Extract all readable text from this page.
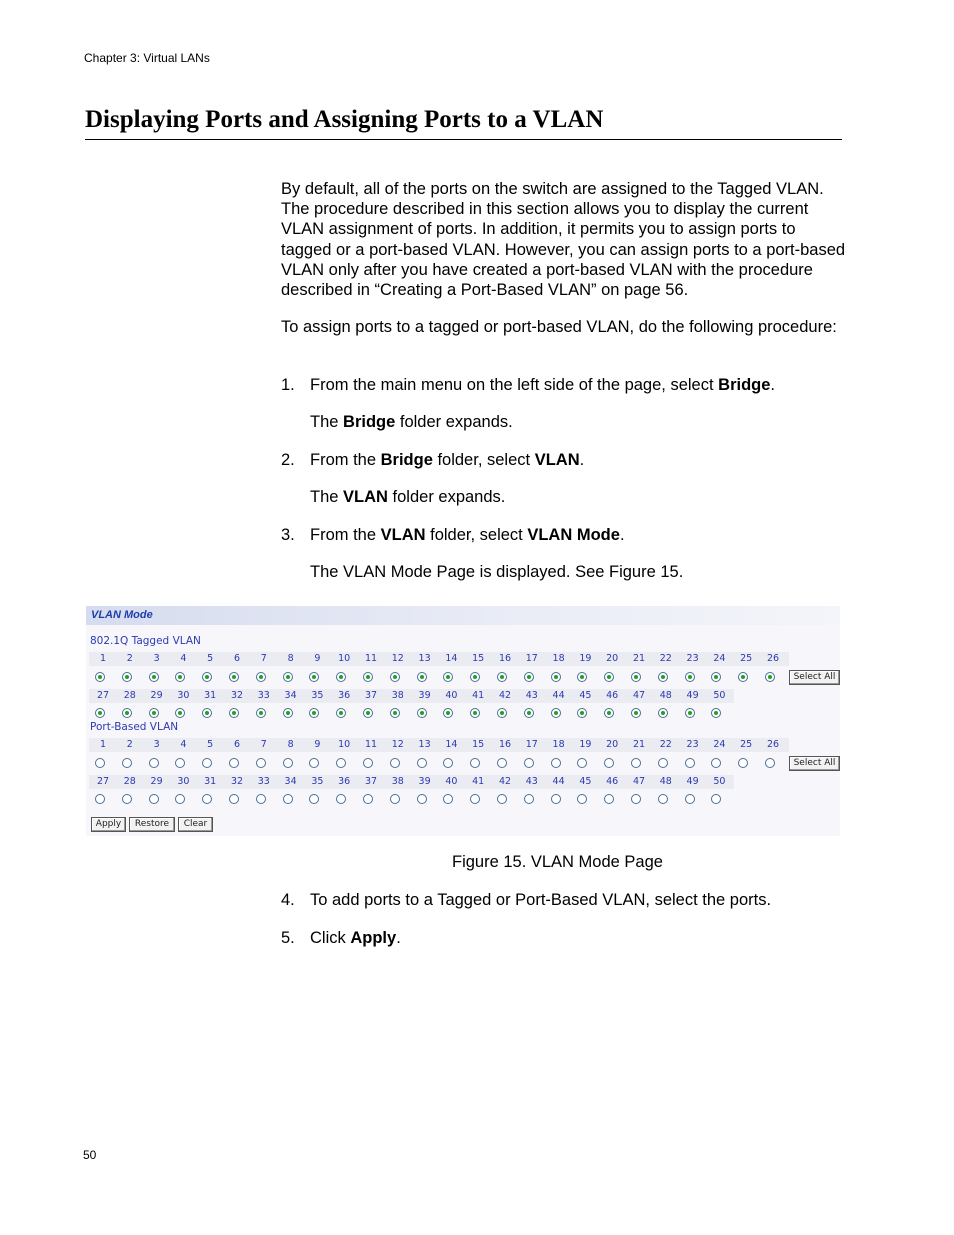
Chapter 3: Virtual LANs
Displaying Ports and Assigning Ports to a VLAN

By default, all of the ports on the switch are assigned to the Tagged VLAN. The procedure described in this section allows you to display the current VLAN assignment of ports. In addition, it permits you to assign ports to tagged or a port-based VLAN. However, you can assign ports to a port-based VLAN only after you have created a port-based VLAN with the procedure described in “Creating a Port-Based VLAN” on page 56.

To assign ports to a tagged or port-based VLAN, do the following procedure:

1. From the main menu on the left side of the page, select Bridge.
The Bridge folder expands.
2. From the Bridge folder, select VLAN.
The VLAN folder expands.
3. From the VLAN folder, select VLAN Mode.
The VLAN Mode Page is displayed. See Figure 15.
VLAN Mode
802.1Q Tagged VLAN
1	2	3	4	5	6	7	8	9	10	11	12	13	14	15	16	17	18	19	20	21	22	23	24	25	26
Select All
27	28	29	30	31	32	33	34	35	36	37	38	39	40	41	42	43	44	45	46	47	48	49	50
Port-Based VLAN
1	2	3	4	5	6	7	8	9	10	11	12	13	14	15	16	17	18	19	20	21	22	23	24	25	26
Select All
27	28	29	30	31	32	33	34	35	36	37	38	39	40	41	42	43	44	45	46	47	48	49	50
Apply	Restore	Clear
Figure 15. VLAN Mode Page
4. To add ports to a Tagged or Port-Based VLAN, select the ports.
5. Click Apply.
50
